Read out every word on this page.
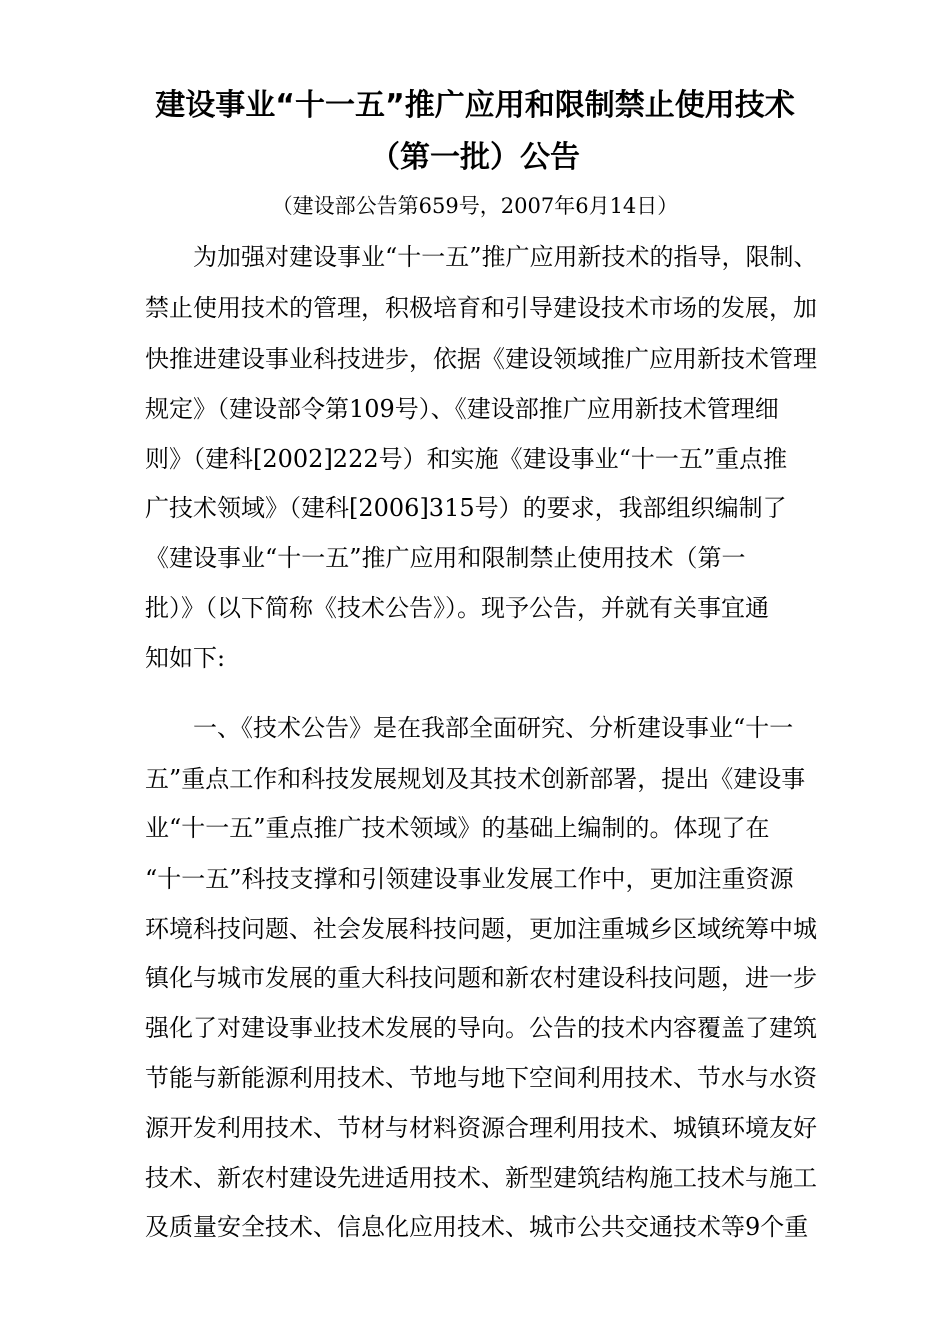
建设事业“十一五”推广应用和限制禁止使用技术
（第一批）公告
（建设部公告第659号，2007年6月14日）
为加强对建设事业“十一五”推广应用新技术的指导，限制、
禁止使用技术的管理，积极培育和引导建设技术市场的发展，加
快推进建设事业科技进步，依据《建设领域推广应用新技术管理
规定》（建设部令第109号）、《建设部推广应用新技术管理细
则》（建科[2002]222号）和实施《建设事业“十一五”重点推
广技术领域》（建科[2006]315号）的要求，我部组织编制了
《建设事业“十一五”推广应用和限制禁止使用技术（第一
批）》（以下简称《技术公告》）。现予公告，并就有关事宜通
知如下:
一、《技术公告》是在我部全面研究、分析建设事业“十一
五”重点工作和科技发展规划及其技术创新部署，提出《建设事
业“十一五”重点推广技术领域》的基础上编制的。体现了在
“十一五”科技支撑和引领建设事业发展工作中，更加注重资源
环境科技问题、社会发展科技问题，更加注重城乡区域统筹中城
镇化与城市发展的重大科技问题和新农村建设科技问题，进一步
强化了对建设事业技术发展的导向。公告的技术内容覆盖了建筑
节能与新能源利用技术、节地与地下空间利用技术、节水与水资
源开发利用技术、节材与材料资源合理利用技术、城镇环境友好
技术、新农村建设先进适用技术、新型建筑结构施工技术与施工
及质量安全技术、信息化应用技术、城市公共交通技术等9个重
